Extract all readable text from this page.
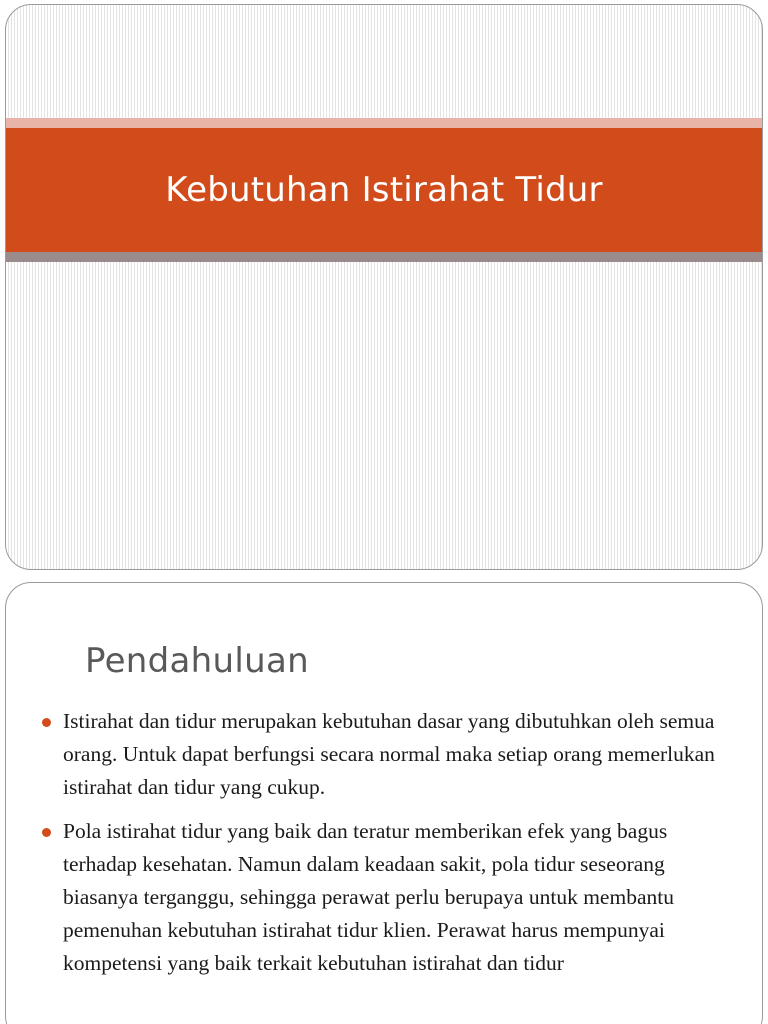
Kebutuhan Istirahat Tidur
Pendahuluan
Istirahat dan tidur merupakan kebutuhan dasar yang dibutuhkan oleh semua orang. Untuk dapat berfungsi secara normal maka setiap orang memerlukan istirahat dan tidur yang cukup.
Pola istirahat tidur yang baik dan teratur memberikan efek yang bagus terhadap kesehatan. Namun dalam keadaan sakit, pola tidur seseorang biasanya terganggu, sehingga perawat perlu berupaya untuk membantu pemenuhan kebutuhan istirahat tidur klien. Perawat harus mempunyai kompetensi yang baik terkait kebutuhan istirahat dan tidur
